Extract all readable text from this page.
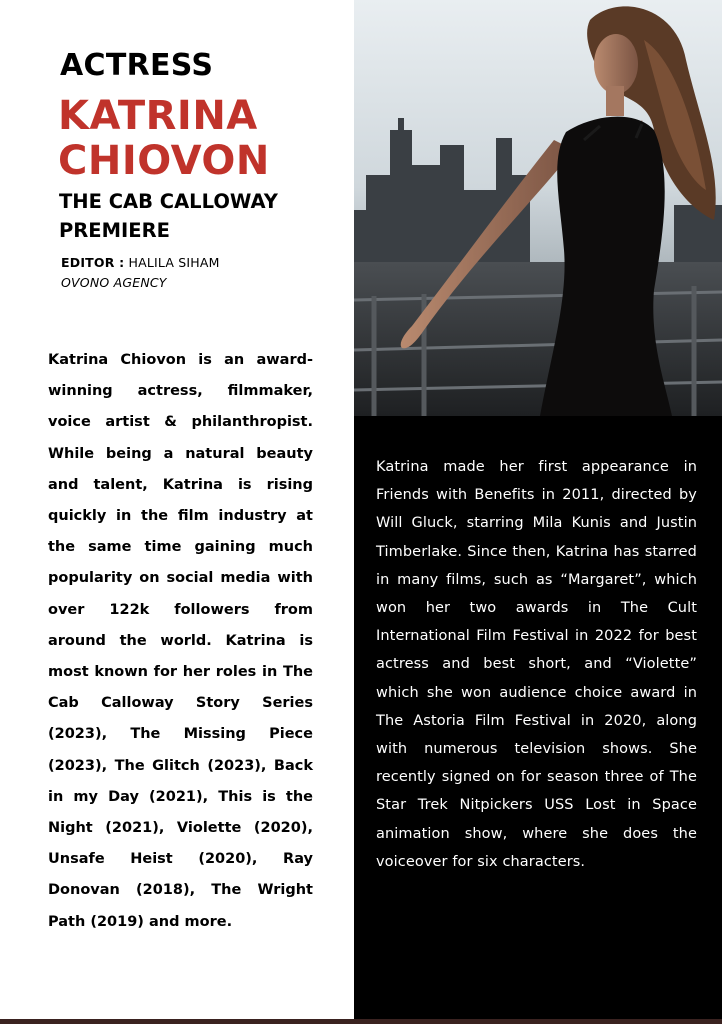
ACTRESS
KATRINA
CHIOVON
THE CAB CALLOWAY PREMIERE
EDITOR : HALILA SIHAM
OVONO AGENCY
Katrina Chiovon is an award-winning actress, filmmaker, voice artist & philanthropist. While being a natural beauty and talent, Katrina is rising quickly in the film industry at the same time gaining much popularity on social media with over 122k followers from around the world. Katrina is most known for her roles in The Cab Calloway Story Series (2023), The Missing Piece (2023), The Glitch (2023), Back in my Day (2021), This is the Night (2021), Violette (2020), Unsafe Heist (2020), Ray Donovan (2018), The Wright Path (2019) and more.
Katrina made her first appearance in Friends with Benefits in 2011, directed by Will Gluck, starring Mila Kunis and Justin Timberlake. Since then, Katrina has starred in many films, such as “Margaret”, which won her two awards in The Cult International Film Festival in 2022 for best actress and best short, and “Violette” which she won audience choice award in The Astoria Film Festival in 2020, along with numerous television shows. She recently signed on for season three of The Star Trek Nitpickers USS Lost in Space animation show, where she does the voiceover for six characters.
